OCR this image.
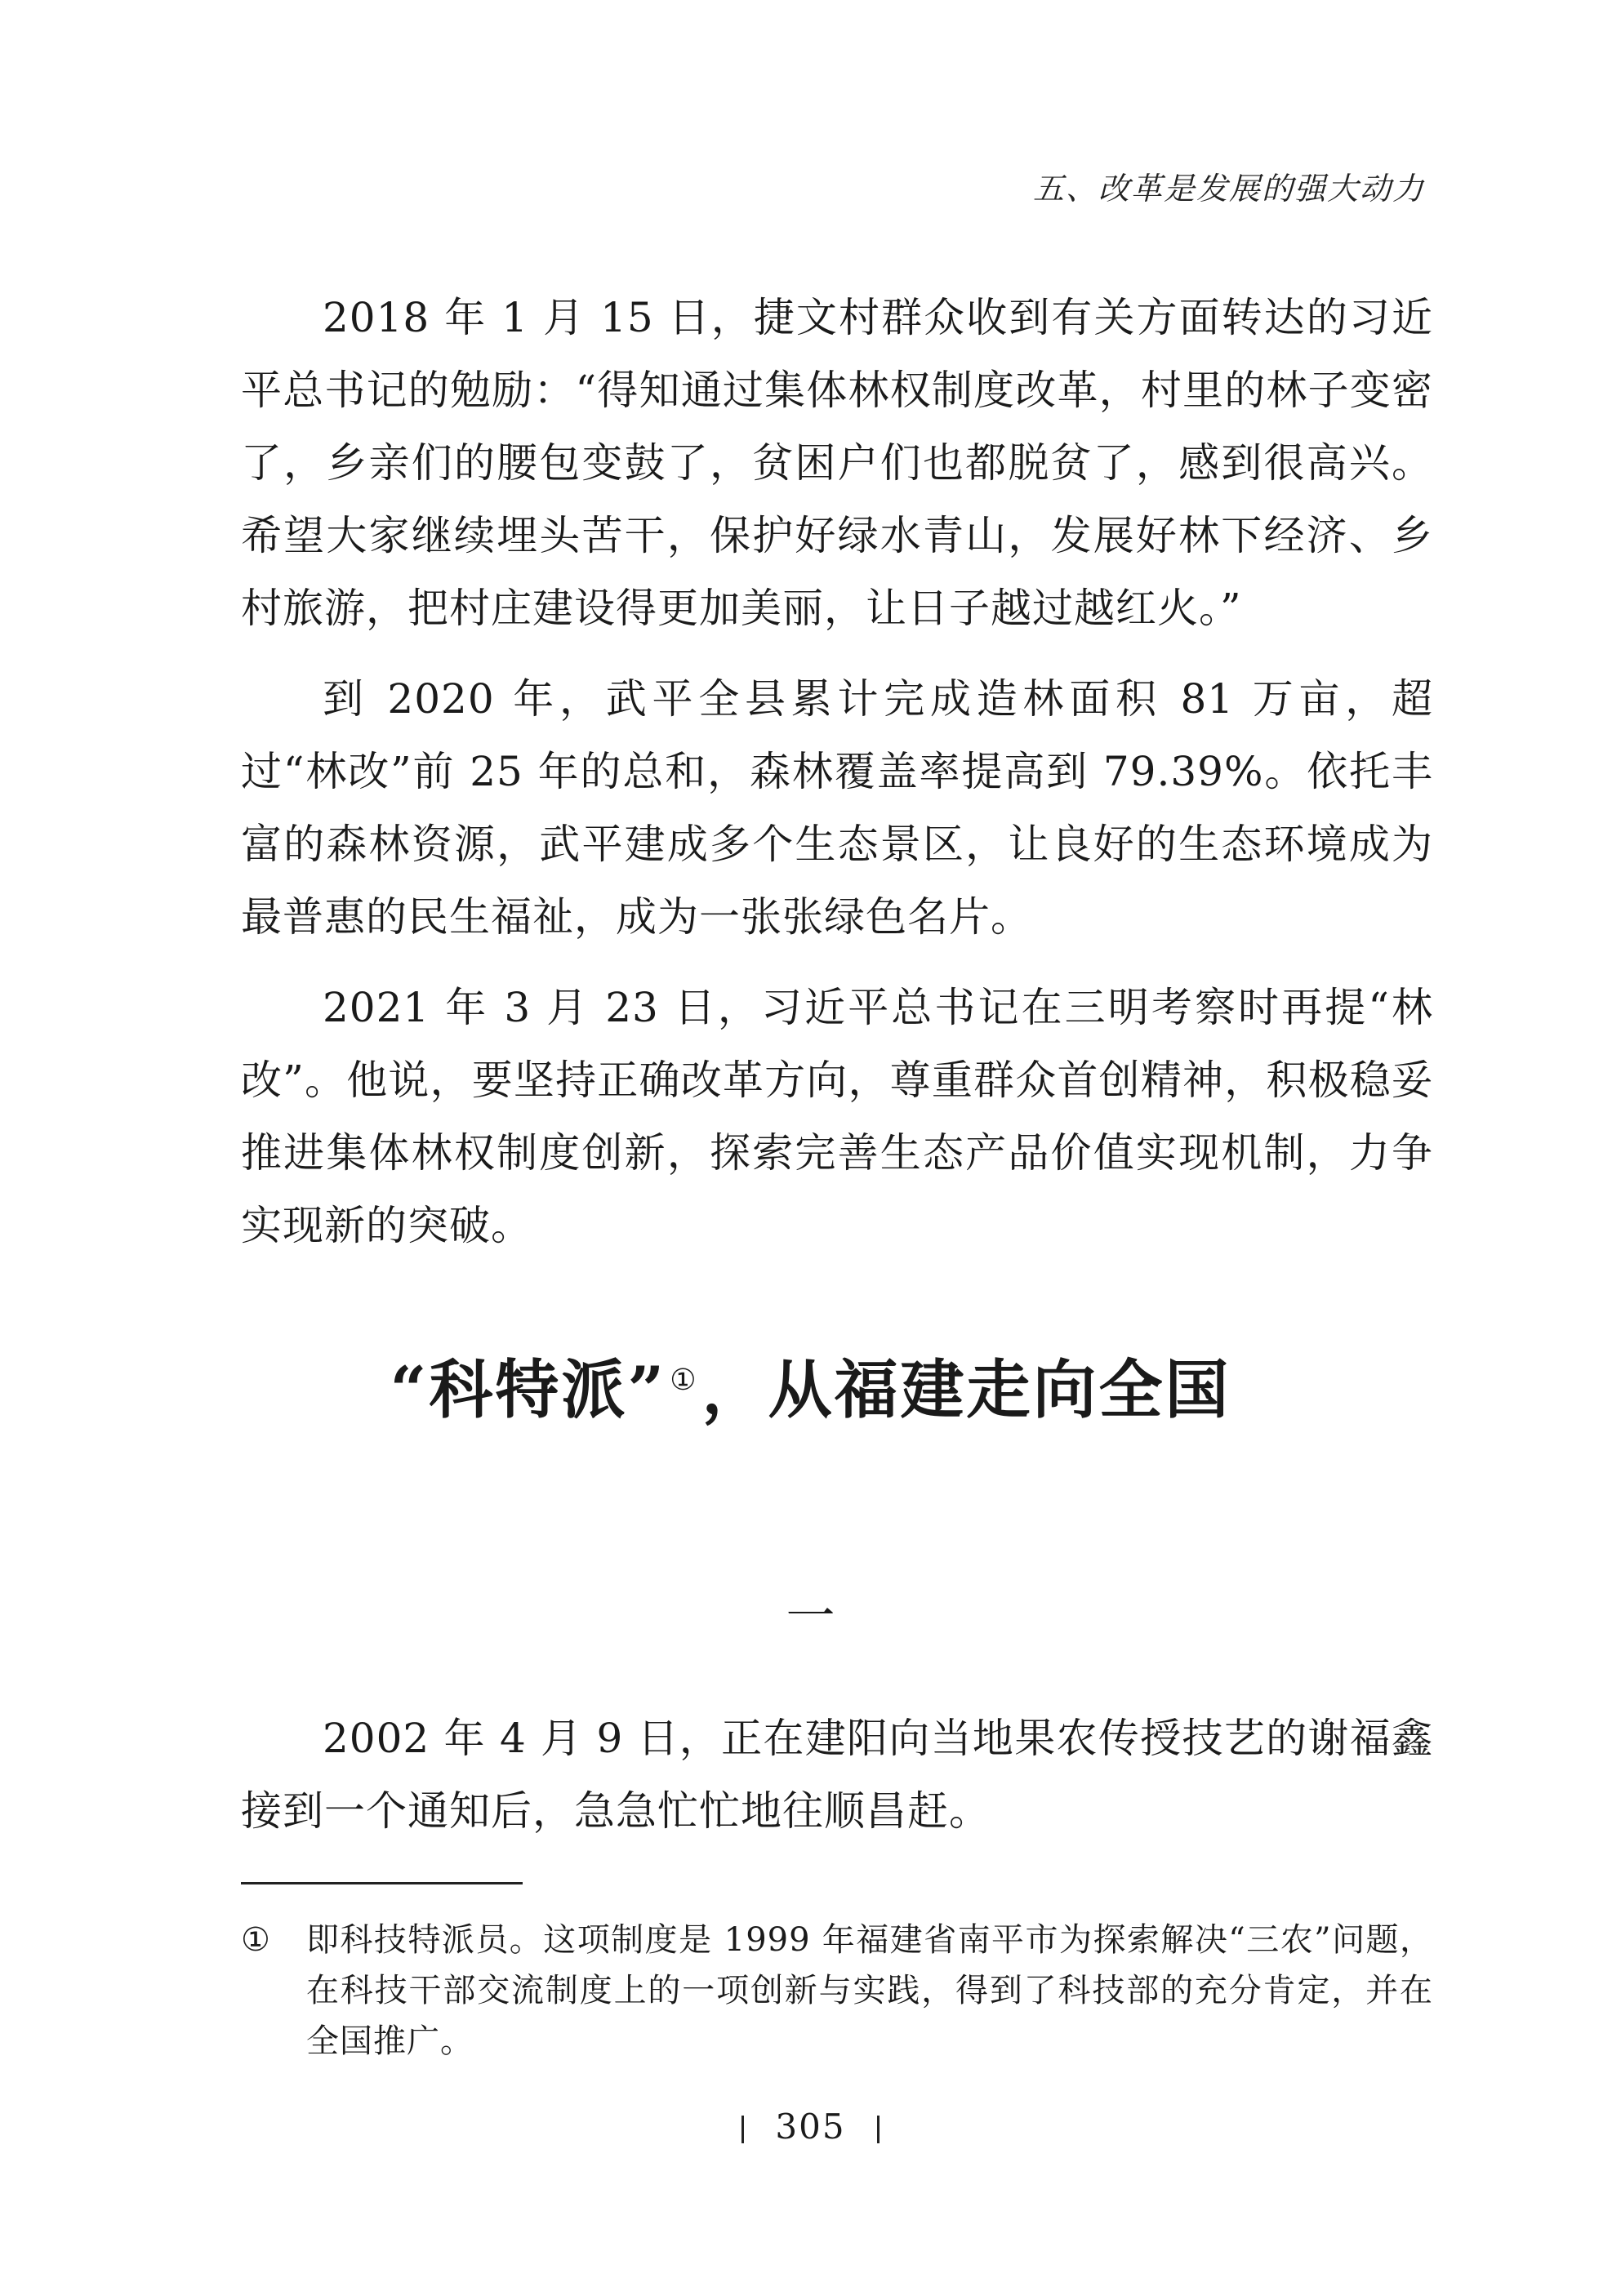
五、改革是发展的强大动力

2018 年 1 月 15 日，捷文村群众收到有关方面转达的习近平总书记的勉励：“得知通过集体林权制度改革，村里的林子变密了，乡亲们的腰包变鼓了，贫困户们也都脱贫了，感到很高兴。希望大家继续埋头苦干，保护好绿水青山，发展好林下经济、乡村旅游，把村庄建设得更加美丽，让日子越过越红火。”

到 2020 年，武平全县累计完成造林面积 81 万亩，超过“林改”前 25 年的总和，森林覆盖率提高到 79.39%。依托丰富的森林资源，武平建成多个生态景区，让良好的生态环境成为最普惠的民生福祉，成为一张张绿色名片。

2021 年 3 月 23 日，习近平总书记在三明考察时再提“林改”。他说，要坚持正确改革方向，尊重群众首创精神，积极稳妥推进集体林权制度创新，探索完善生态产品价值实现机制，力争实现新的突破。

“科特派” ①，从福建走向全国
一

2002 年 4 月 9 日，正在建阳向当地果农传授技艺的谢福鑫接到一个通知后，急急忙忙地往顺昌赶。

①	即科技特派员。这项制度是 1999 年福建省南平市为探索解决“三农”问题，在科技干部交流制度上的一项创新与实践，得到了科技部的充分肯定，并在全国推广。
305
